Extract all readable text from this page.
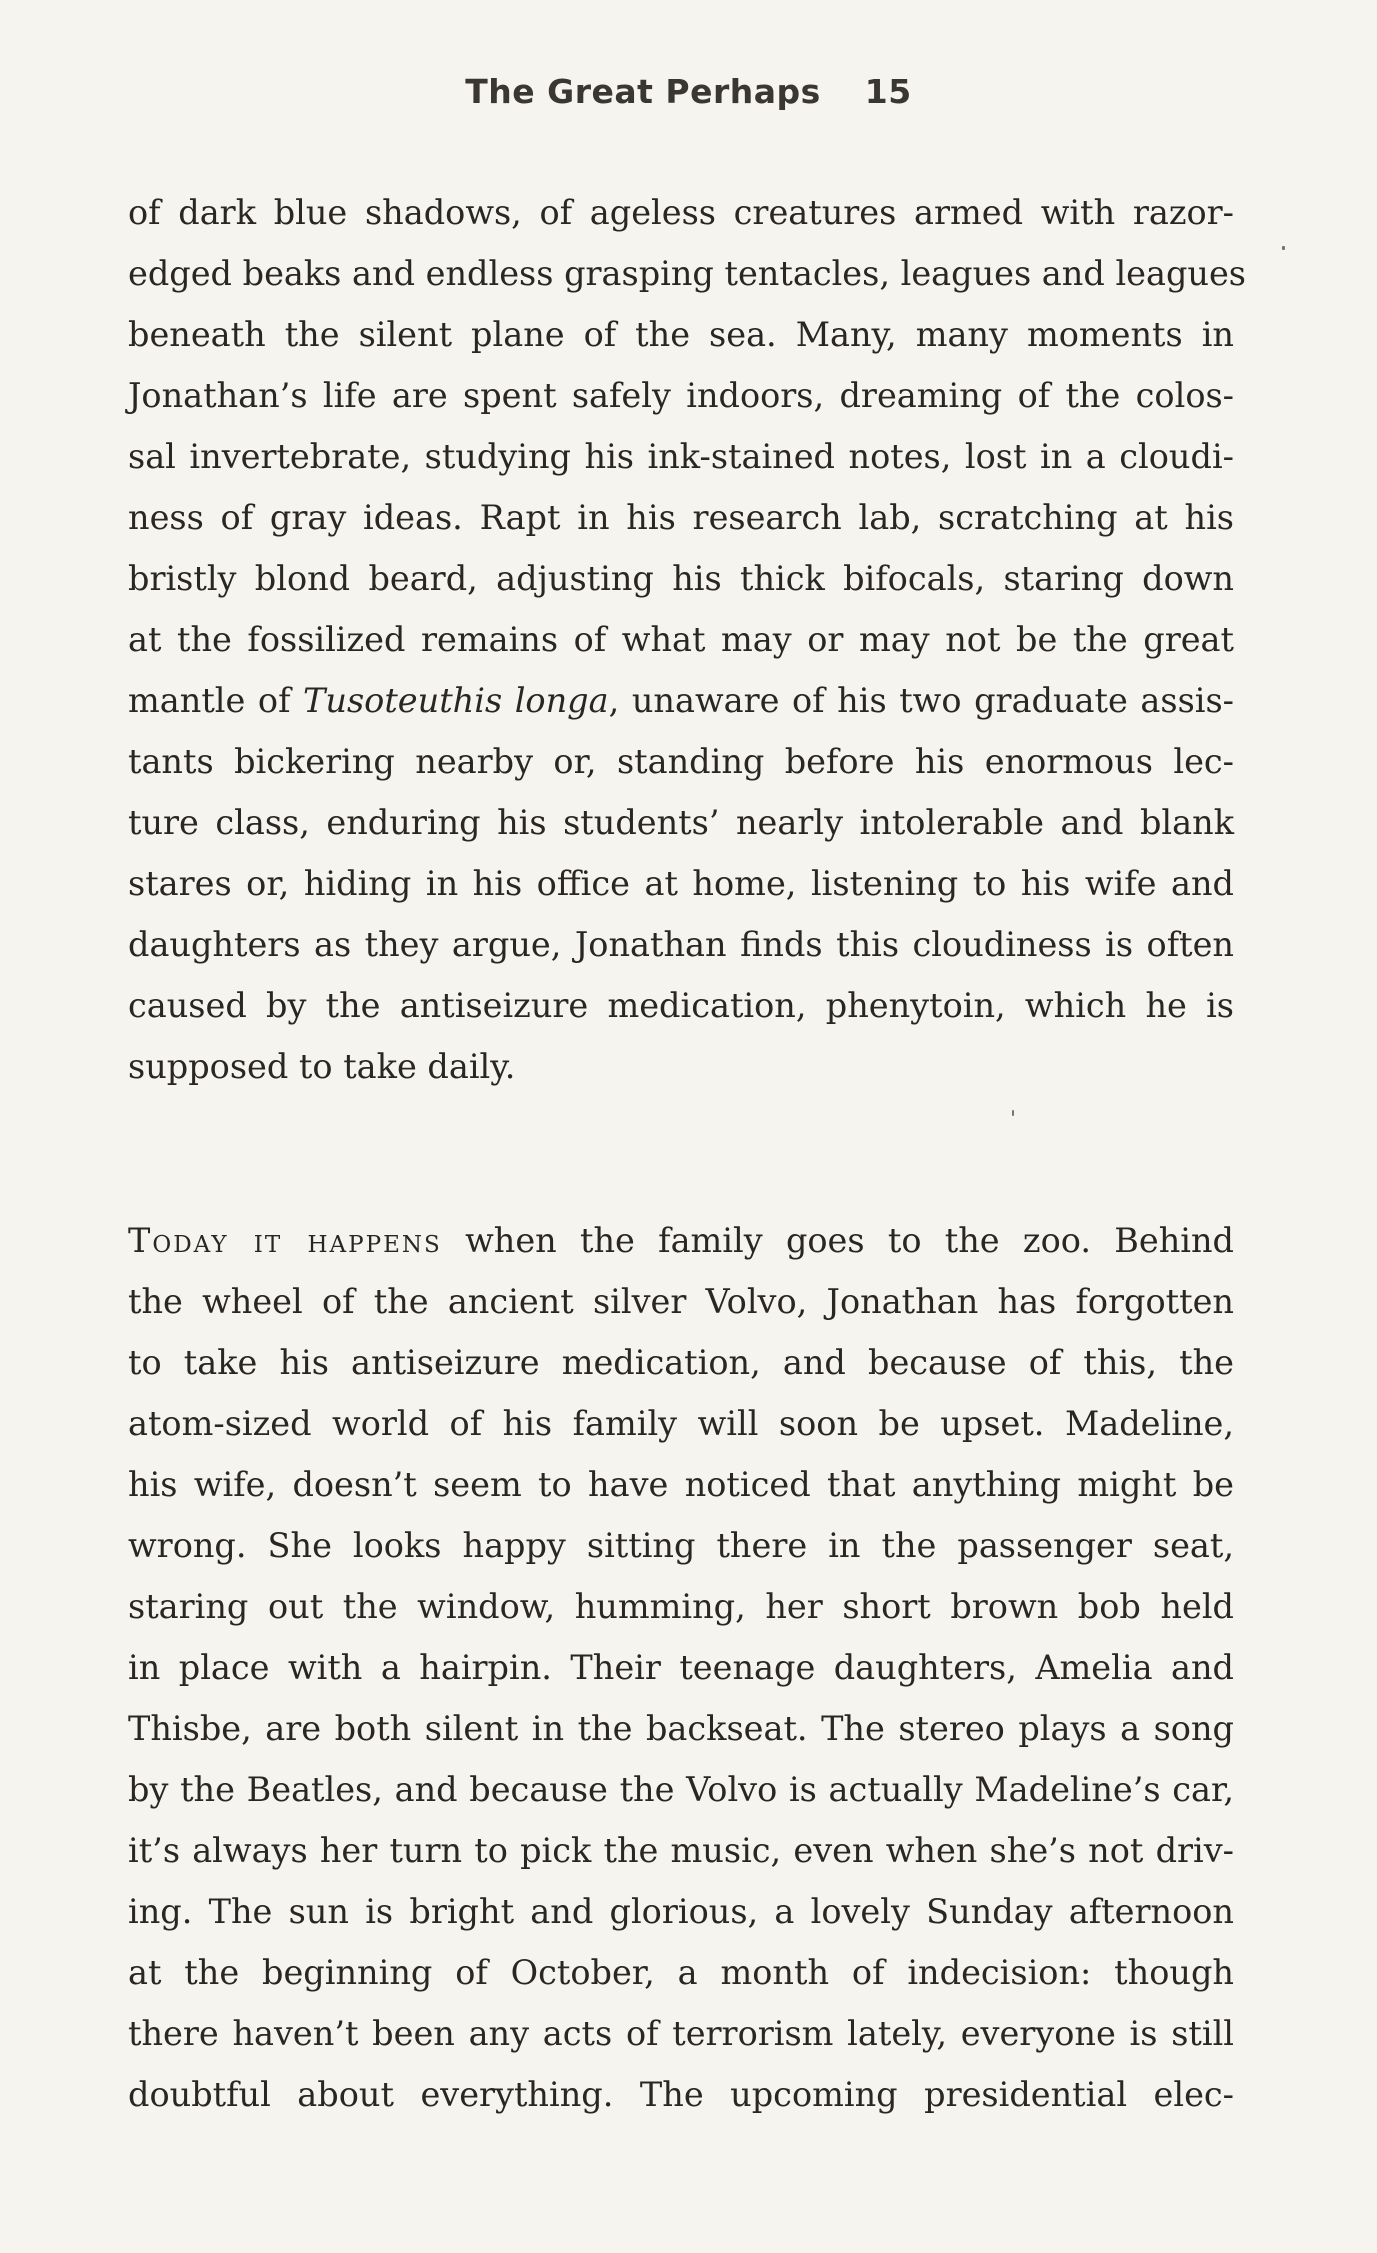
The Great Perhaps 15
of dark blue shadows, of ageless creatures armed with razor-
edged beaks and endless grasping tentacles, leagues and leagues
beneath the silent plane of the sea. Many, many moments in
Jonathan’s life are spent safely indoors, dreaming of the colos-
sal invertebrate, studying his ink-stained notes, lost in a cloudi-
ness of gray ideas. Rapt in his research lab, scratching at his
bristly blond beard, adjusting his thick bifocals, staring down
at the fossilized remains of what may or may not be the great
mantle of Tusoteuthis longa, unaware of his two graduate assis-
tants bickering nearby or, standing before his enormous lec-
ture class, enduring his students’ nearly intolerable and blank
stares or, hiding in his office at home, listening to his wife and
daughters as they argue, Jonathan finds this cloudiness is often
caused by the antiseizure medication, phenytoin, which he is
supposed to take daily.
Today it happens when the family goes to the zoo. Behind
the wheel of the ancient silver Volvo, Jonathan has forgotten
to take his antiseizure medication, and because of this, the
atom-sized world of his family will soon be upset. Madeline,
his wife, doesn’t seem to have noticed that anything might be
wrong. She looks happy sitting there in the passenger seat,
staring out the window, humming, her short brown bob held
in place with a hairpin. Their teenage daughters, Amelia and
Thisbe, are both silent in the backseat. The stereo plays a song
by the Beatles, and because the Volvo is actually Madeline’s car,
it’s always her turn to pick the music, even when she’s not driv-
ing. The sun is bright and glorious, a lovely Sunday afternoon
at the beginning of October, a month of indecision: though
there haven’t been any acts of terrorism lately, everyone is still
doubtful about everything. The upcoming presidential elec-
